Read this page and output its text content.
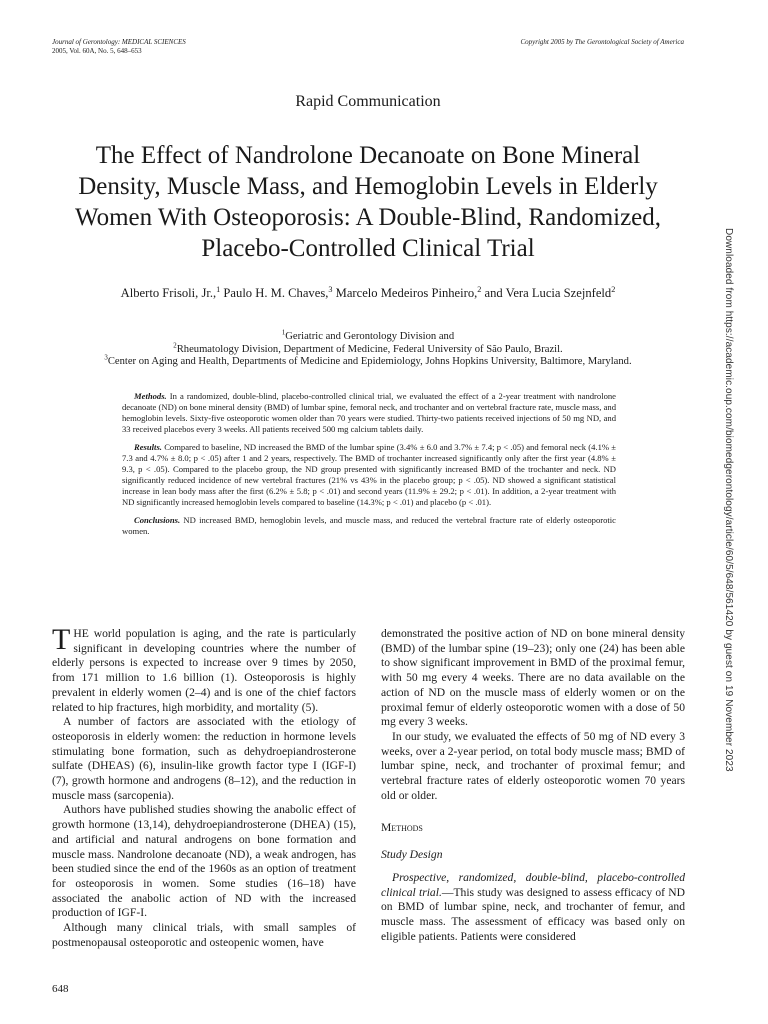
Journal of Gerontology: MEDICAL SCIENCES
2005, Vol. 60A, No. 5, 648–653
Copyright 2005 by The Gerontological Society of America
Rapid Communication
The Effect of Nandrolone Decanoate on Bone Mineral Density, Muscle Mass, and Hemoglobin Levels in Elderly Women With Osteoporosis: A Double-Blind, Randomized, Placebo-Controlled Clinical Trial
Alberto Frisoli, Jr.,$^1$ Paulo H. M. Chaves,$^3$ Marcelo Medeiros Pinheiro,$^2$ and Vera Lucia Szejnfeld$^2$
$^1$Geriatric and Gerontology Division and
$^2$Rheumatology Division, Department of Medicine, Federal University of São Paulo, Brazil.
$^3$Center on Aging and Health, Departments of Medicine and Epidemiology, Johns Hopkins University, Baltimore, Maryland.

Methods. In a randomized, double-blind, placebo-controlled clinical trial, we evaluated the effect of a 2-year treatment with nandrolone decanoate (ND) on bone mineral density (BMD) of lumbar spine, femoral neck, and trochanter and on vertebral fracture rate, muscle mass, and hemoglobin levels. Sixty-five osteoporotic women older than 70 years were studied. Thirty-two patients received injections of 50 mg ND, and 33 received placebos every 3 weeks. All patients received 500 mg calcium tablets daily.

Results. Compared to baseline, ND increased the BMD of the lumbar spine (3.4% ± 6.0 and 3.7% ± 7.4; p < .05) and femoral neck (4.1% ± 7.3 and 4.7% ± 8.0; p < .05) after 1 and 2 years, respectively. The BMD of trochanter increased significantly only after the first year (4.8% ± 9.3, p < .05). Compared to the placebo group, the ND group presented with significantly increased BMD of the trochanter and neck. ND significantly reduced incidence of new vertebral fractures (21% vs 43% in the placebo group; p < .05). ND showed a significant statistical increase in lean body mass after the first (6.2% ± 5.8; p < .01) and second years (11.9% ± 29.2; p < .01). In addition, a 2-year treatment with ND significantly increased hemoglobin levels compared to baseline (14.3%; p < .01) and placebo (p < .01).

Conclusions. ND increased BMD, hemoglobin levels, and muscle mass, and reduced the vertebral fracture rate of elderly osteoporotic women.

THE world population is aging, and the rate is particularly significant in developing countries where the number of elderly persons is expected to increase over 9 times by 2050, from 171 million to 1.6 billion (1). Osteoporosis is highly prevalent in elderly women (2–4) and is one of the chief factors related to hip fractures, high morbidity, and mortality (5).

A number of factors are associated with the etiology of osteoporosis in elderly women: the reduction in hormone levels stimulating bone formation, such as dehydroepiandrosterone sulfate (DHEAS) (6), insulin-like growth factor type I (IGF-I) (7), growth hormone and androgens (8–12), and the reduction in muscle mass (sarcopenia).

Authors have published studies showing the anabolic effect of growth hormone (13,14), dehydroepiandrosterone (DHEA) (15), and artificial and natural androgens on bone formation and muscle mass. Nandrolone decanoate (ND), a weak androgen, has been studied since the end of the 1960s as an option of treatment for osteoporosis in women. Some studies (16–18) have associated the anabolic action of ND with the increased production of IGF-I.

Although many clinical trials, with small samples of postmenopausal osteoporotic and osteopenic women, have

demonstrated the positive action of ND on bone mineral density (BMD) of the lumbar spine (19–23); only one (24) has been able to show significant improvement in BMD of the proximal femur, with 50 mg every 4 weeks. There are no data available on the action of ND on the muscle mass of elderly women or on the proximal femur of elderly osteoporotic women with a dose of 50 mg every 3 weeks.

In our study, we evaluated the effects of 50 mg of ND every 3 weeks, over a 2-year period, on total body muscle mass; BMD of lumbar spine, neck, and trochanter of proximal femur; and vertebral fracture rates of elderly osteoporotic women 70 years old or older.

Methods

Study Design

Prospective, randomized, double-blind, placebo-controlled clinical trial.—This study was designed to assess efficacy of ND on BMD of lumbar spine, neck, and trochanter of femur, and muscle mass. The assessment of efficacy was based only on eligible patients. Patients were considered

648
Downloaded from https://academic.oup.com/biomedgerontology/article/60/5/648/561420 by guest on 19 November 2023
